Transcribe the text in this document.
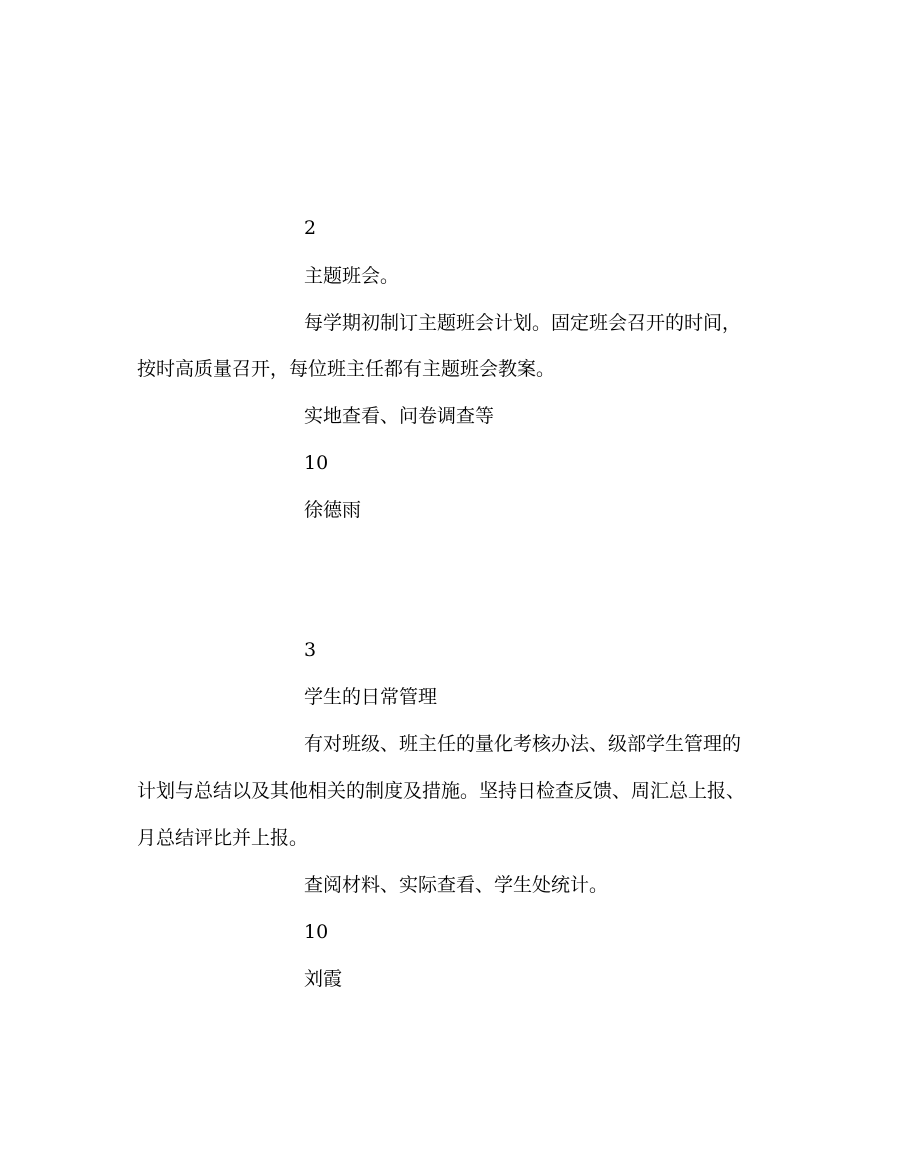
2
主题班会。
每学期初制订主题班会计划。固定班会召开的时间，
按时高质量召开，每位班主任都有主题班会教案。
实地查看、问卷调查等
10
徐德雨
3
学生的日常管理
有对班级、班主任的量化考核办法、级部学生管理的
计划与总结以及其他相关的制度及措施。坚持日检查反馈、周汇总上报、
月总结评比并上报。
查阅材料、实际查看、学生处统计。
10
刘霞
